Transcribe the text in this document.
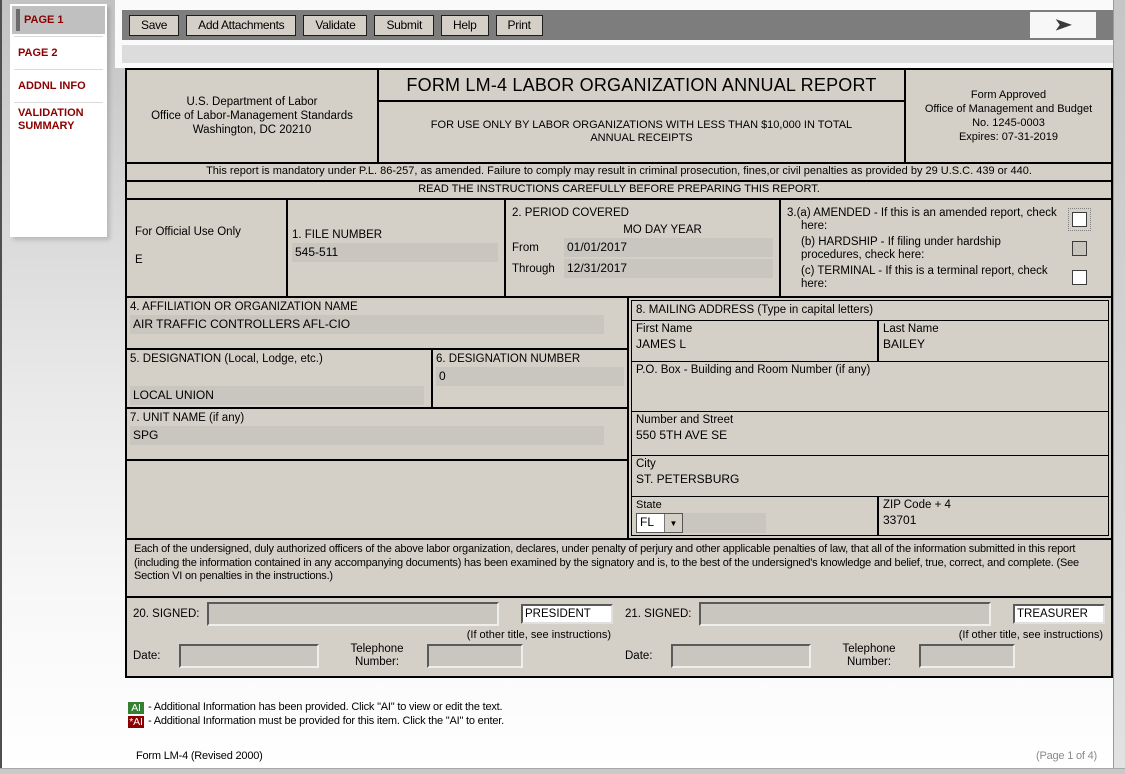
PAGE 1
PAGE 2
ADDNL INFO
VALIDATION SUMMARY
Save	Add Attachments	Validate	Submit	Help	Print	➤
U.S. Department of Labor
Office of Labor-Management Standards
Washington, DC 20210
FORM LM-4 LABOR ORGANIZATION ANNUAL REPORT
FOR USE ONLY BY LABOR ORGANIZATIONS WITH LESS THAN $10,000 IN TOTAL ANNUAL RECEIPTS
Form Approved
Office of Management and Budget
No. 1245-0003
Expires: 07-31-2019
This report is mandatory under P.L. 86-257, as amended. Failure to comply may result in criminal prosecution, fines,or civil penalties as provided by 29 U.S.C. 439 or 440.
READ THE INSTRUCTIONS CAREFULLY BEFORE PREPARING THIS REPORT.
For Official Use Only
E
1. FILE NUMBER
545-511
2. PERIOD COVERED
MO DAY YEAR
From	01/01/2017
Through	12/31/2017
3.(a) AMENDED - If this is an amended report, check here:
(b) HARDSHIP - If filing under hardship procedures, check here:
(c) TERMINAL - If this is a terminal report, check here:
4. AFFILIATION OR ORGANIZATION NAME
AIR TRAFFIC CONTROLLERS AFL-CIO
5. DESIGNATION (Local, Lodge, etc.)
LOCAL UNION
6. DESIGNATION NUMBER
0
7. UNIT NAME (if any)
SPG
8. MAILING ADDRESS (Type in capital letters)
First Name
JAMES L
Last Name
BAILEY
P.O. Box - Building and Room Number (if any)
Number and Street
550 5TH AVE SE
City
ST. PETERSBURG
State
FL	▼
ZIP Code + 4
33701
Each of the undersigned, duly authorized officers of the above labor organization, declares, under penalty of perjury and other applicable penalties of law, that all of the information submitted in this report (including the information contained in any accompanying documents) has been examined by the signatory and is, to the best of the undersigned's knowledge and belief, true, correct, and complete. (See Section VI on penalties in the instructions.)
20. SIGNED:	PRESIDENT
(If other title, see instructions)
Date:
Telephone Number:
21. SIGNED:	TREASURER
(If other title, see instructions)
Date:
Telephone Number:
AI - Additional Information has been provided. Click "AI" to view or edit the text.
*AI - Additional Information must be provided for this item. Click the "AI" to enter.
Form LM-4 (Revised 2000)	(Page 1 of 4)
